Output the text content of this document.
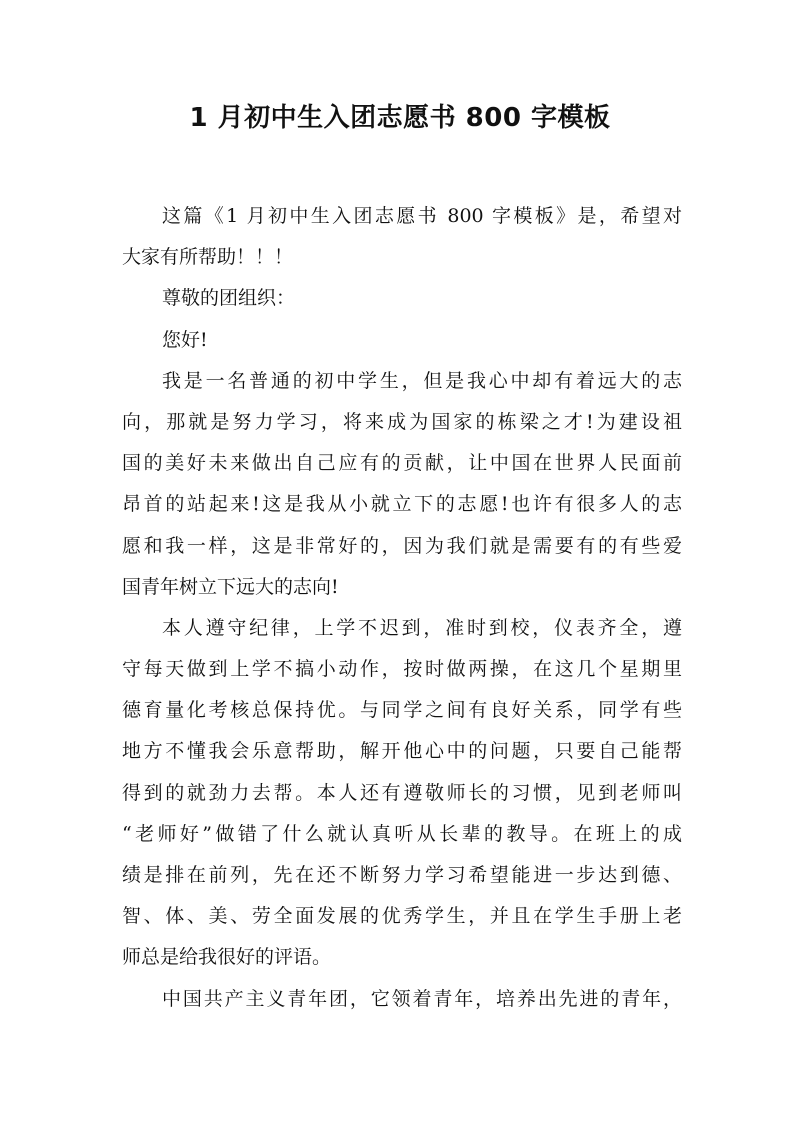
1 月初中生入团志愿书 800 字模板

这篇《1 月初中生入团志愿书 800 字模板》是，希望对
大家有所帮助！！！

尊敬的团组织：

您好!

我是一名普通的初中学生，但是我心中却有着远大的志
向，那就是努力学习，将来成为国家的栋梁之才!为建设祖
国的美好未来做出自己应有的贡献，让中国在世界人民面前
昂首的站起来!这是我从小就立下的志愿!也许有很多人的志
愿和我一样，这是非常好的，因为我们就是需要有的有些爱
国青年树立下远大的志向!

本人遵守纪律，上学不迟到，准时到校，仪表齐全，遵
守每天做到上学不搞小动作，按时做两操，在这几个星期里
德育量化考核总保持优。与同学之间有良好关系，同学有些
地方不懂我会乐意帮助，解开他心中的问题，只要自己能帮
得到的就劲力去帮。本人还有遵敬师长的习惯，见到老师叫
“老师好”做错了什么就认真听从长辈的教导。在班上的成
绩是排在前列，先在还不断努力学习希望能进一步达到德、
智、体、美、劳全面发展的优秀学生，并且在学生手册上老
师总是给我很好的评语。

中国共产主义青年团，它领着青年，培养出先进的青年，
